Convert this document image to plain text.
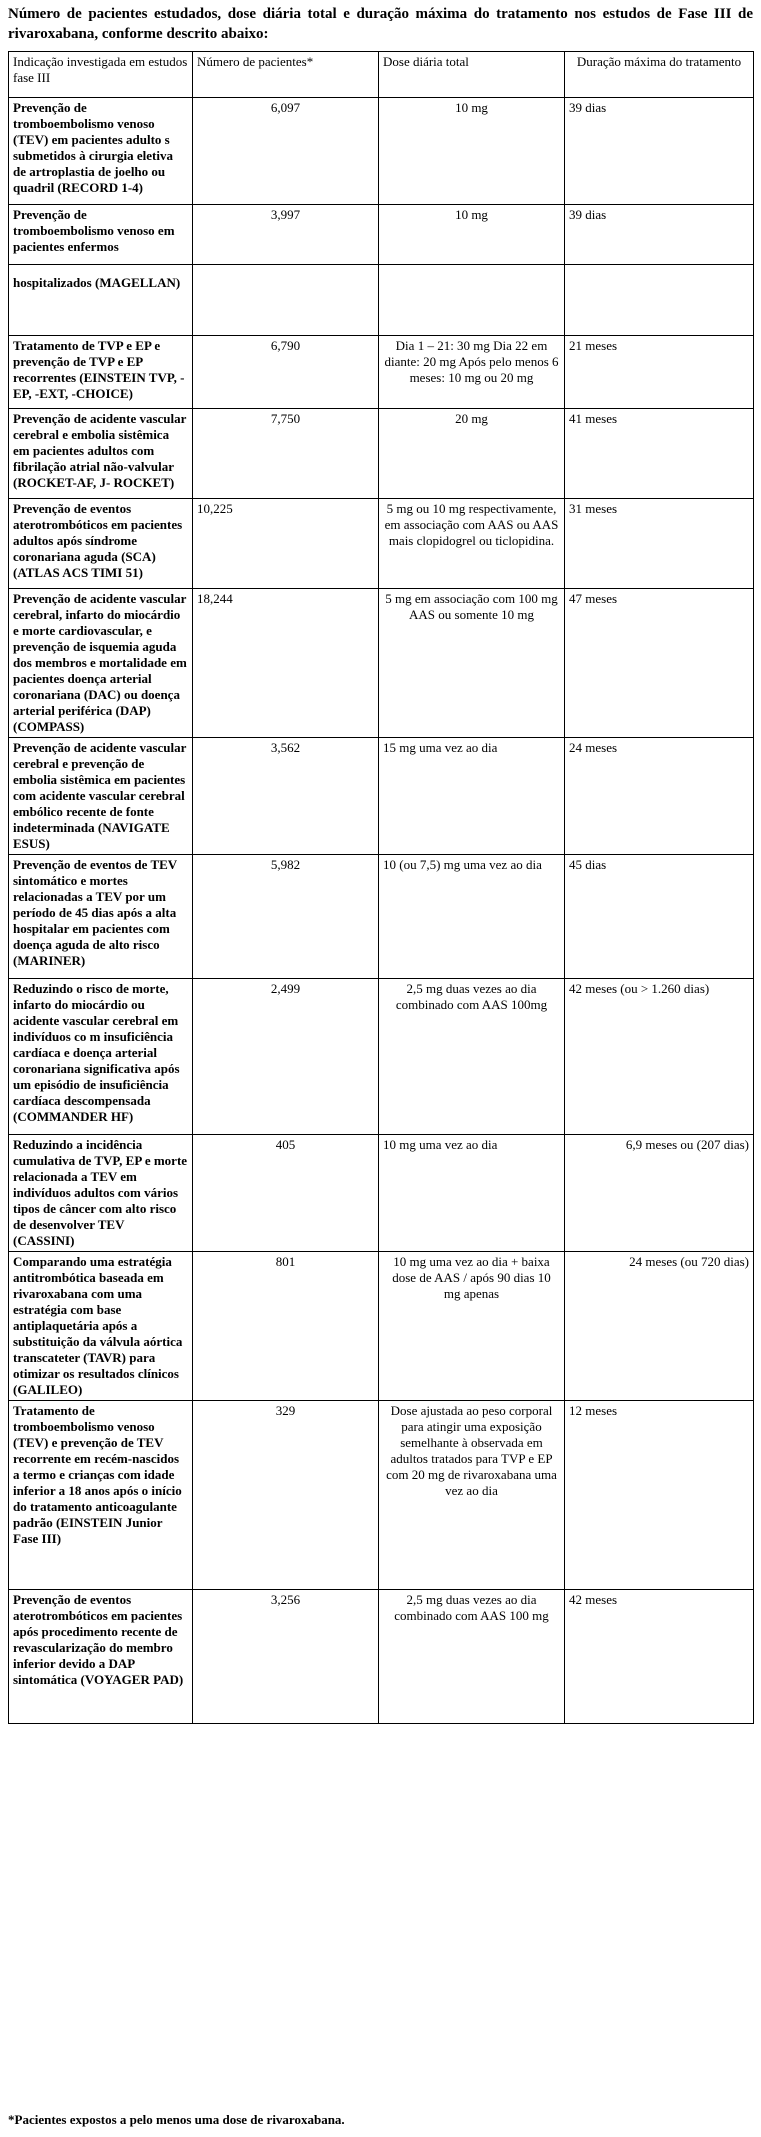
Número de pacientes estudados, dose diária total e duração máxima do tratamento nos estudos de Fase III de rivaroxabana, conforme descrito abaixo:

Indicação investigada em estudos fase III	Número de pacientes*	Dose diária total	Duração máxima do tratamento
Prevenção de tromboembolismo venoso (TEV) em pacientes adulto s submetidos à cirurgia eletiva de artroplastia de joelho ou quadril (RECORD 1-4)	6,097	10 mg	39 dias
Prevenção de tromboembolismo venoso em pacientes enfermos	3,997	10 mg	39 dias
hospitalizados (MAGELLAN)			
Tratamento de TVP e EP e prevenção de TVP e EP recorrentes (EINSTEIN TVP, -EP, -EXT, -CHOICE)	6,790	Dia 1 – 21: 30 mg Dia 22 em diante: 20 mg Após pelo menos 6 meses: 10 mg ou 20 mg	21 meses
Prevenção de acidente vascular cerebral e embolia sistêmica em pacientes adultos com fibrilação atrial não-valvular (ROCKET-AF, J- ROCKET)	7,750	20 mg	41 meses
Prevenção de eventos aterotrombóticos em pacientes adultos após síndrome coronariana aguda (SCA) (ATLAS ACS TIMI 51)	10,225	5 mg ou 10 mg respectivamente, em associação com AAS ou AAS mais clopidogrel ou ticlopidina.	31 meses
Prevenção de acidente vascular cerebral, infarto do miocárdio e morte cardiovascular, e prevenção de isquemia aguda dos membros e mortalidade em pacientes doença arterial coronariana (DAC) ou doença arterial periférica (DAP) (COMPASS)	18,244	5 mg em associação com 100 mg AAS ou somente 10 mg	47 meses
Prevenção de acidente vascular cerebral e prevenção de embolia sistêmica em pacientes com acidente vascular cerebral embólico recente de fonte indeterminada (NAVIGATE ESUS)	3,562	15 mg uma vez ao dia	24 meses
Prevenção de eventos de TEV sintomático e mortes relacionadas a TEV por um período de 45 dias após a alta hospitalar em pacientes com doença aguda de alto risco (MARINER)	5,982	10 (ou 7,5) mg uma vez ao dia	45 dias
Reduzindo o risco de morte, infarto do miocárdio ou acidente vascular cerebral em indivíduos co m insuficiência cardíaca e doença arterial coronariana significativa após um episódio de insuficiência cardíaca descompensada (COMMANDER HF)	2,499	2,5 mg duas vezes ao dia combinado com AAS 100mg	42 meses (ou > 1.260 dias)
Reduzindo a incidência cumulativa de TVP, EP e morte relacionada a TEV em indivíduos adultos com vários tipos de câncer com alto risco de desenvolver TEV (CASSINI)	405	10 mg uma vez ao dia	6,9 meses ou (207 dias)
Comparando uma estratégia antitrombótica baseada em rivaroxabana com uma estratégia com base antiplaquetária após a substituição da válvula aórtica transcateter (TAVR) para otimizar os resultados clínicos (GALILEO)	801	10 mg uma vez ao dia + baixa dose de AAS / após 90 dias 10 mg apenas	24 meses (ou 720 dias)
Tratamento de tromboembolismo venoso (TEV) e prevenção de TEV recorrente em recém-nascidos a termo e crianças com idade inferior a 18 anos após o início do tratamento anticoagulante padrão (EINSTEIN Junior Fase III)	329	Dose ajustada ao peso corporal para atingir uma exposição semelhante à observada em adultos tratados para TVP e EP com 20 mg de rivaroxabana uma vez ao dia	12 meses
Prevenção de eventos aterotrombóticos em pacientes após procedimento recente de revascularização do membro inferior devido a DAP sintomática (VOYAGER PAD)	3,256	2,5 mg duas vezes ao dia combinado com AAS 100 mg	42 meses

*Pacientes expostos a pelo menos uma dose de rivaroxabana.
